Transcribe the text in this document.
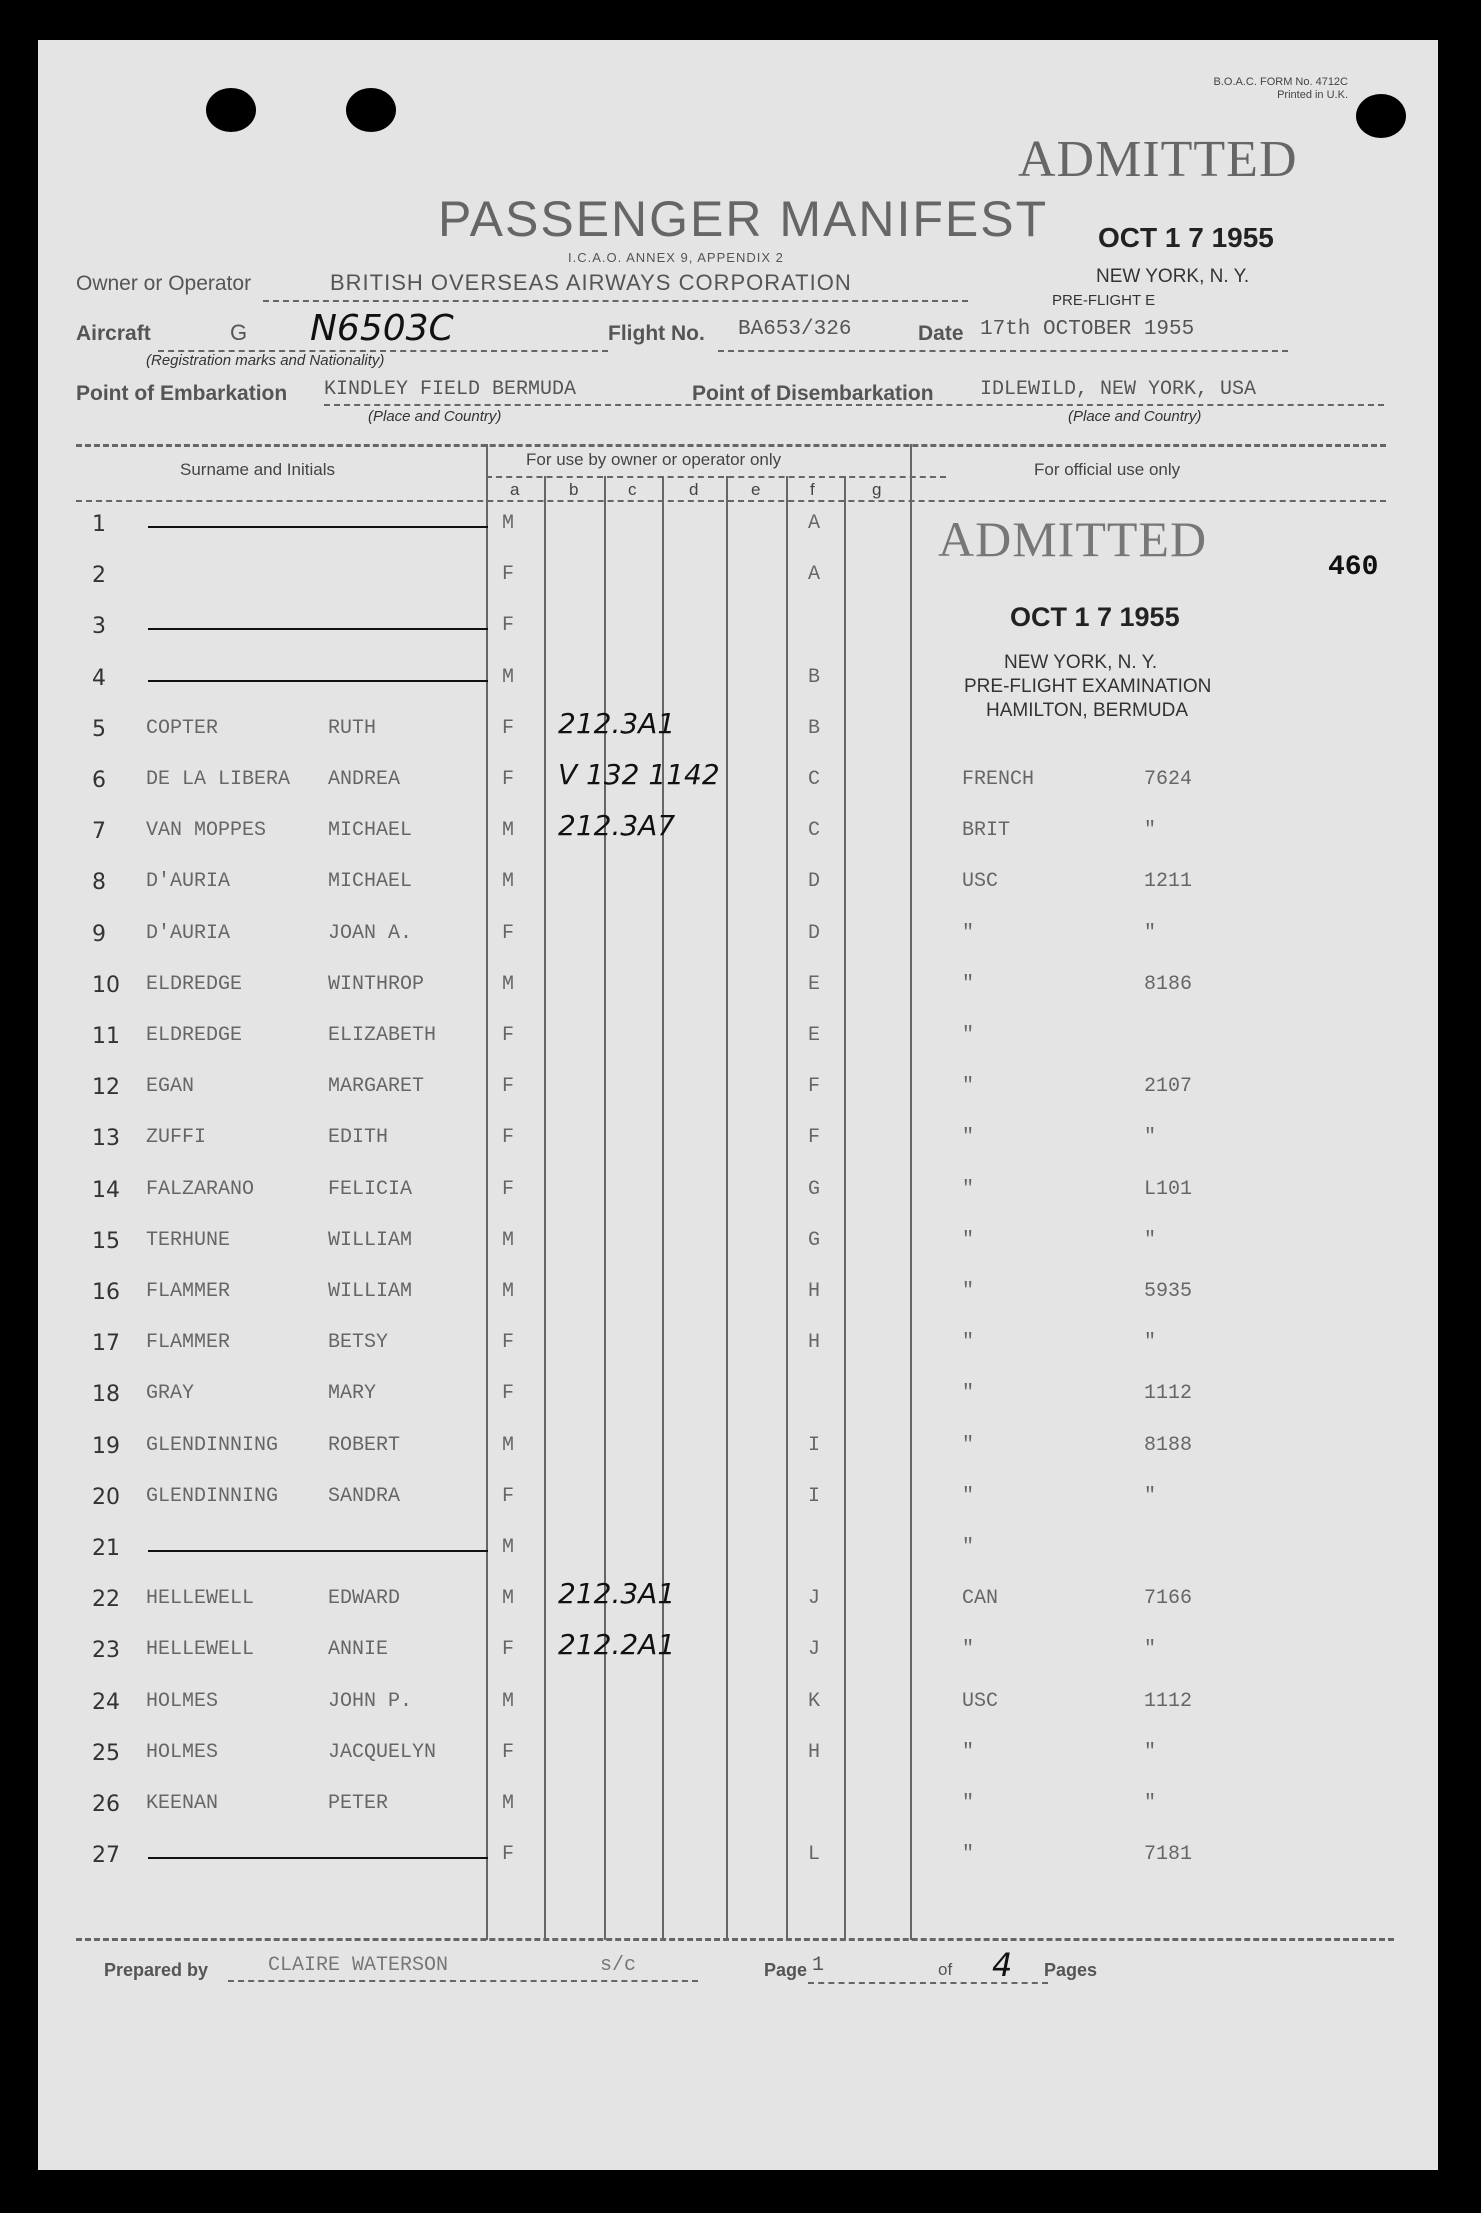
B.O.A.C. FORM No. 4712C
Printed in U.K.
ADMITTED
OCT 1 7 1955
NEW YORK, N. Y.
PRE-FLIGHT E
PASSENGER MANIFEST
I.C.A.O. ANNEX 9, APPENDIX 2
Owner or Operator	BRITISH OVERSEAS AIRWAYS CORPORATION
Aircraft	G N6503C
(Registration marks and Nationality)
Flight No. BA653/326	Date 17th OCTOBER 1955
Point of Embarkation KINDLEY FIELD BERMUDA
(Place and Country)
Point of Disembarkation IDLEWILD, NEW YORK, USA
(Place and Country)
Surname and Initials
For use by owner or operator only
For official use only
a	b	c	d	e	f	g
ADMITTED
460
OCT 1 7 1955
NEW YORK, N. Y.
PRE-FLIGHT EXAMINATION
HAMILTON, BERMUDA
1	M	A
2	F	A
3	F
4	M	B
5 COPTER	RUTH	F 212.3A1	B
6 DE LA LIBERA ANDREA	F V 132 1142	C	FRENCH	7624
7 VAN MOPPES	MICHAEL	M 212.3A7	C	BRIT	"
8 D'AURIA	MICHAEL	M	D	USC	1211
9 D'AURIA	JOAN A.	F	D	"	"
10 ELDREDGE	WINTHROP	M	E	"	8186
11 ELDREDGE	ELIZABETH	F	E	"
12 EGAN	MARGARET	F	F	"	2107
13 ZUFFI	EDITH	F	F	"	"
14 FALZARANO	FELICIA	F	G	"	L101
15 TERHUNE	WILLIAM	M	G	"	"
16 FLAMMER	WILLIAM	M	H	"	5935
17 FLAMMER	BETSY	F	H	"	"
18 GRAY	MARY	F	"	1112
19 GLENDINNING ROBERT	M	I	"	8188
20 GLENDINNING SANDRA	F	I	"	"
21	M	"
22 HELLEWELL	EDWARD	M 212.3A1	J	CAN	7166
23 HELLEWELL	ANNIE	F 212.2A1	J	"	"
24 HOLMES	JOHN P.	M	K	USC	1112
25 HOLMES	JACQUELYN	F	H	"	"
26 KEENAN	PETER	M	"	"
27	F	L	"	7181
Prepared by	CLAIRE WATERSON	s/c	Page 1	of 4 Pages
